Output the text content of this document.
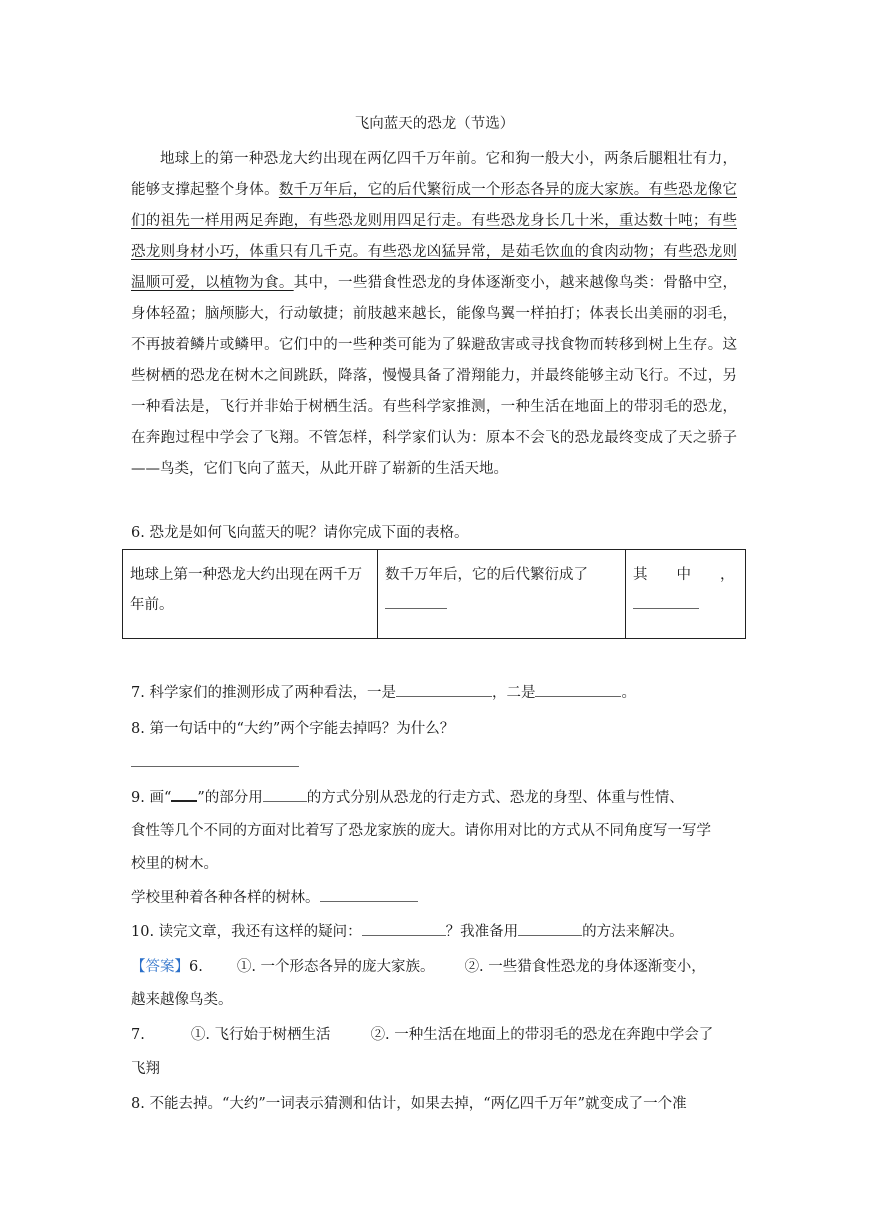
飞向蓝天的恐龙（节选）

地球上的第一种恐龙大约出现在两亿四千万年前。它和狗一般大小，两条后腿粗壮有力，能够支撑起整个身体。数千万年后，它的后代繁衍成一个形态各异的庞大家族。有些恐龙像它们的祖先一样用两足奔跑，有些恐龙则用四足行走。有些恐龙身长几十米，重达数十吨；有些恐龙则身材小巧，体重只有几千克。有些恐龙凶猛异常，是茹毛饮血的食肉动物；有些恐龙则温顺可爱，以植物为食。其中，一些猎食性恐龙的身体逐渐变小，越来越像鸟类：骨骼中空，身体轻盈；脑颅膨大，行动敏捷；前肢越来越长，能像鸟翼一样拍打；体表长出美丽的羽毛，不再披着鳞片或鳞甲。它们中的一些种类可能为了躲避敌害或寻找食物而转移到树上生存。这些树栖的恐龙在树木之间跳跃，降落，慢慢具备了滑翔能力，并最终能够主动飞行。不过，另一种看法是，飞行并非始于树栖生活。有些科学家推测，一种生活在地面上的带羽毛的恐龙，在奔跑过程中学会了飞翔。不管怎样，科学家们认为：原本不会飞的恐龙最终变成了天之骄子——鸟类，它们飞向了蓝天，从此开辟了崭新的生活天地。

6. 恐龙是如何飞向蓝天的呢？请你完成下面的表格。
地球上第一种恐龙大约出现在两千万年前。	数千万年后，它的后代繁衍成了	其　　中　　，

7. 科学家们的推测形成了两种看法，一是	，二是	。
8. 第一句话中的“大约”两个字能去掉吗？为什么？
9. 画“ ”的部分用	的方式分别从恐龙的行走方式、恐龙的身型、体重与性情、
食性等几个不同的方面对比着写了恐龙家族的庞大。请你用对比的方式从不同角度写一写学
校里的树木。
学校里种着各种各样的树林。
10. 读完文章，我还有这样的疑问：	？我准备用	的方法来解决。
【答案】6. ①. 一个形态各异的庞大家族。 ②. 一些猎食性恐龙的身体逐渐变小，
越来越像鸟类。
7.	①. 飞行始于树栖生活	②. 一种生活在地面上的带羽毛的恐龙在奔跑中学会了
飞翔
8. 不能去掉。“大约”一词表示猜测和估计，如果去掉，“两亿四千万年”就变成了一个准
